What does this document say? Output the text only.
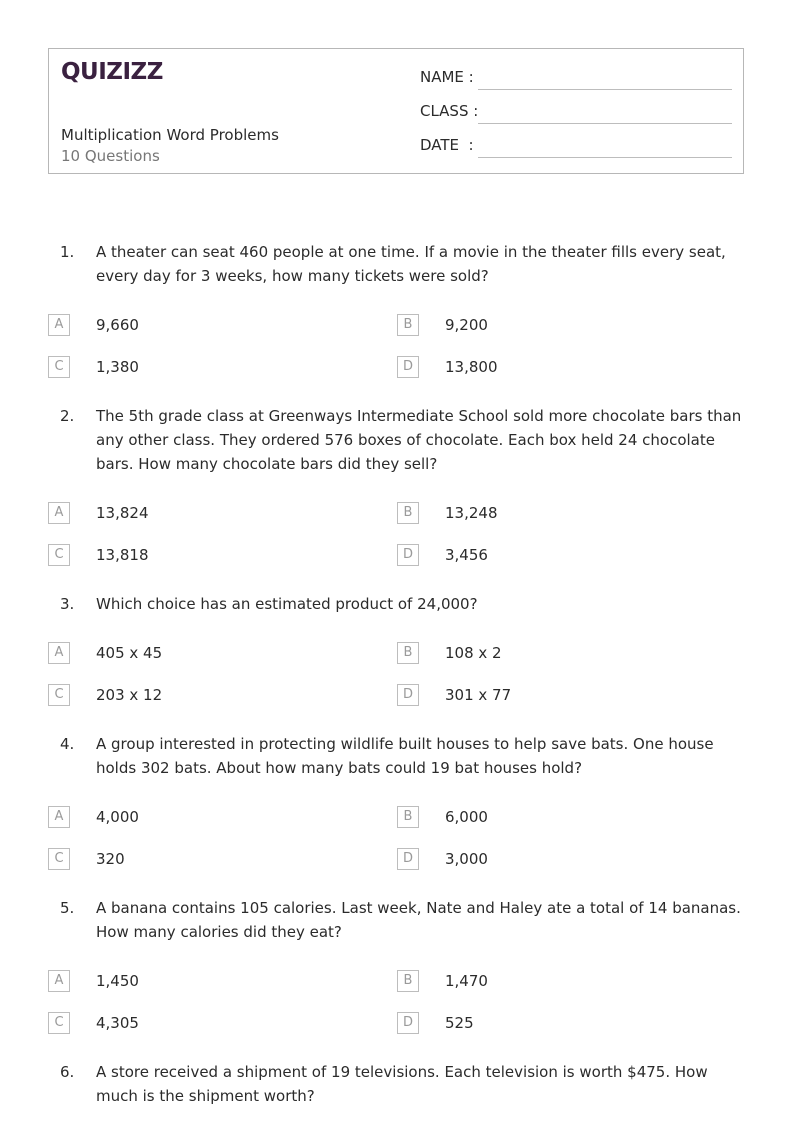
QUIZIZZ
Multiplication Word Problems
10 Questions
NAME :
CLASS :
DATE  :
1. A theater can seat 460 people at one time. If a movie in the theater fills every seat, every day for 3 weeks, how many tickets were sold?
A	9,660	B	9,200
C	1,380	D	13,800
2. The 5th grade class at Greenways Intermediate School sold more chocolate bars than any other class. They ordered 576 boxes of chocolate. Each box held 24 chocolate bars. How many chocolate bars did they sell?
A	13,824	B	13,248
C	13,818	D	3,456
3. Which choice has an estimated product of 24,000?
A	405 x 45	B	108 x 2
C	203 x 12	D	301 x 77
4. A group interested in protecting wildlife built houses to help save bats. One house holds 302 bats. About how many bats could 19 bat houses hold?
A	4,000	B	6,000
C	320	D	3,000
5. A banana contains 105 calories. Last week, Nate and Haley ate a total of 14 bananas. How many calories did they eat?
A	1,450	B	1,470
C	4,305	D	525
6. A store received a shipment of 19 televisions. Each television is worth $475. How much is the shipment worth?
